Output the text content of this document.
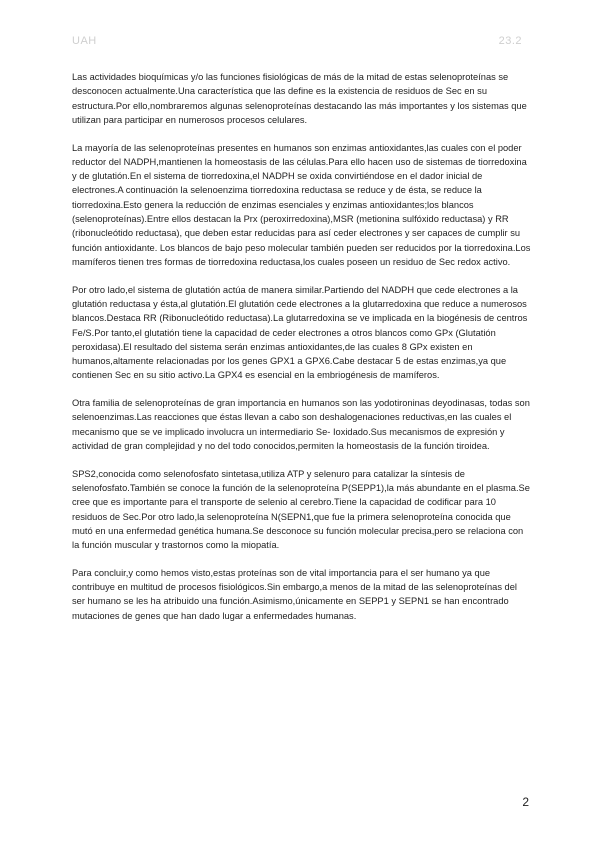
UAH	23.2

Las actividades bioquímicas y/o las funciones fisiológicas de más de la mitad de estas selenoproteínas se desconocen actualmente.Una característica que las define es la existencia de residuos de Sec en su estructura.Por ello,nombraremos algunas selenoproteínas destacando las más importantes y los sistemas que utilizan para participar en numerosos procesos celulares.

La mayoría de las selenoproteínas presentes en humanos son enzimas antioxidantes,las cuales con el poder reductor del NADPH,mantienen la homeostasis de las células.Para ello hacen uso de sistemas de tiorredoxina y de glutatión.En el sistema de tiorredoxina,el NADPH se oxida convirtiéndose en el dador inicial de electrones.A continuación la selenoenzima tiorredoxina reductasa se reduce y de ésta, se reduce la tiorredoxina.Esto genera la reducción de enzimas esenciales y enzimas antioxidantes;los blancos (selenoproteínas).Entre ellos destacan la Prx (peroxirredoxina),MSR (metionina sulfóxido reductasa) y RR (ribonucleótido reductasa), que deben estar reducidas para así ceder electrones y ser capaces de cumplir su función antioxidante. Los blancos de bajo peso molecular también pueden ser reducidos por la tiorredoxina.Los mamíferos tienen tres formas de tiorredoxina reductasa,los cuales poseen un residuo de Sec redox activo.

Por otro lado,el sistema de glutatión actúa de manera similar.Partiendo del NADPH que cede electrones a la glutatión reductasa y ésta,al glutatión.El glutatión cede electrones a la glutarredoxina que reduce a numerosos blancos.Destaca RR (Ribonucleótido reductasa).La glutarredoxina se ve implicada en la biogénesis de centros Fe/S.Por tanto,el glutatión tiene la capacidad de ceder electrones a otros blancos como GPx (Glutatión peroxidasa).El resultado del sistema serán enzimas antioxidantes,de las cuales 8 GPx existen en humanos,altamente relacionadas por los genes GPX1 a GPX6.Cabe destacar 5 de estas enzimas,ya que contienen Sec en su sitio activo.La GPX4 es esencial en la embriogénesis de mamíferos.

Otra familia de selenoproteínas de gran importancia en humanos son las yodotironinas deyodinasas, todas son selenoenzimas.Las reacciones que éstas llevan a cabo son deshalogenaciones reductivas,en las cuales el mecanismo que se ve implicado involucra un intermediario Se- Ioxidado.Sus mecanismos de expresión y actividad de gran complejidad y no del todo conocidos,permiten la homeostasis de la función tiroidea.

SPS2,conocida como selenofosfato sintetasa,utiliza ATP y selenuro para catalizar la síntesis de selenofosfato.También se conoce la función de la selenoproteína P(SEPP1),la más abundante en el plasma.Se cree que es importante para el transporte de selenio al cerebro.Tiene la capacidad de codificar para 10 residuos de Sec.Por otro lado,la selenoproteína N(SEPN1,que fue la primera selenoproteína conocida que mutó en una enfermedad genética humana.Se desconoce su función molecular precisa,pero se relaciona con la función muscular y trastornos como la miopatía.

Para concluir,y como hemos visto,estas proteínas son de vital importancia para el ser humano ya que contribuye en multitud de procesos fisiológicos.Sin embargo,a menos de la mitad de las selenoproteínas del ser humano se les ha atribuido una función.Asimismo,únicamente en SEPP1 y SEPN1 se han encontrado mutaciones de genes que han dado lugar a enfermedades humanas.

2
